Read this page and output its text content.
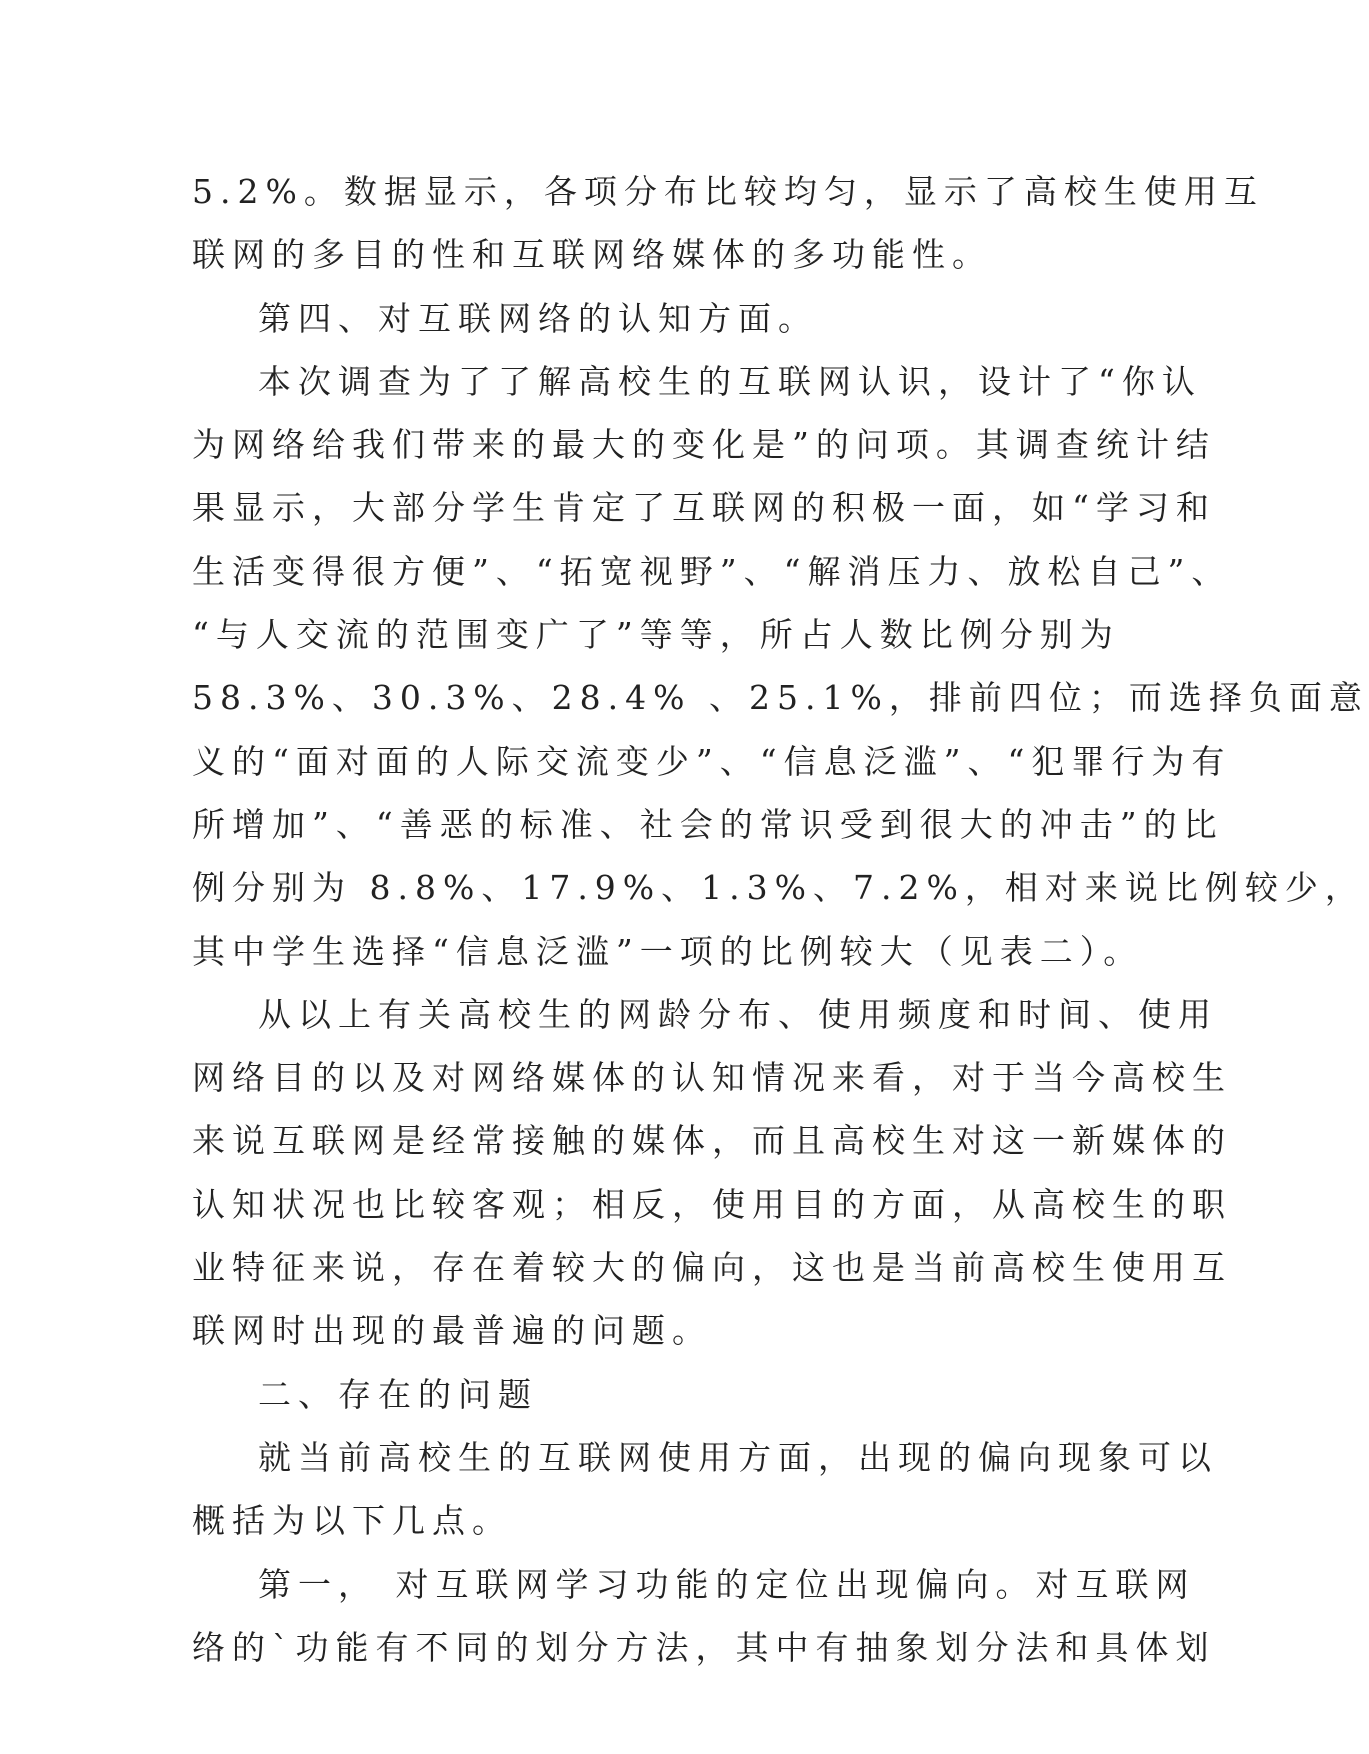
5.2%。数据显示，各项分布比较均匀，显示了高校生使用互
联网的多目的性和互联网络媒体的多功能性。
第四、对互联网络的认知方面。
本次调查为了了解高校生的互联网认识，设计了“你认
为网络给我们带来的最大的变化是”的问项。其调查统计结
果显示，大部分学生肯定了互联网的积极一面，如“学习和
生活变得很方便”、“拓宽视野”、“解消压力、放松自己”、
“与人交流的范围变广了”等等，所占人数比例分别为
58.3%、30.3%、28.4% 、25.1%，排前四位；而选择负面意
义的“面对面的人际交流变少”、“信息泛滥”、“犯罪行为有
所增加”、“善恶的标准、社会的常识受到很大的冲击”的比
例分别为 8.8%、17.9%、1.3%、7.2%，相对来说比例较少，
其中学生选择“信息泛滥”一项的比例较大（见表二）。
从以上有关高校生的网龄分布、使用频度和时间、使用
网络目的以及对网络媒体的认知情况来看，对于当今高校生
来说互联网是经常接触的媒体，而且高校生对这一新媒体的
认知状况也比较客观；相反，使用目的方面，从高校生的职
业特征来说，存在着较大的偏向，这也是当前高校生使用互
联网时出现的最普遍的问题。
二、存在的问题
就当前高校生的互联网使用方面，出现的偏向现象可以
概括为以下几点。
第一， 对互联网学习功能的定位出现偏向。对互联网
络的`功能有不同的划分方法，其中有抽象划分法和具体划
